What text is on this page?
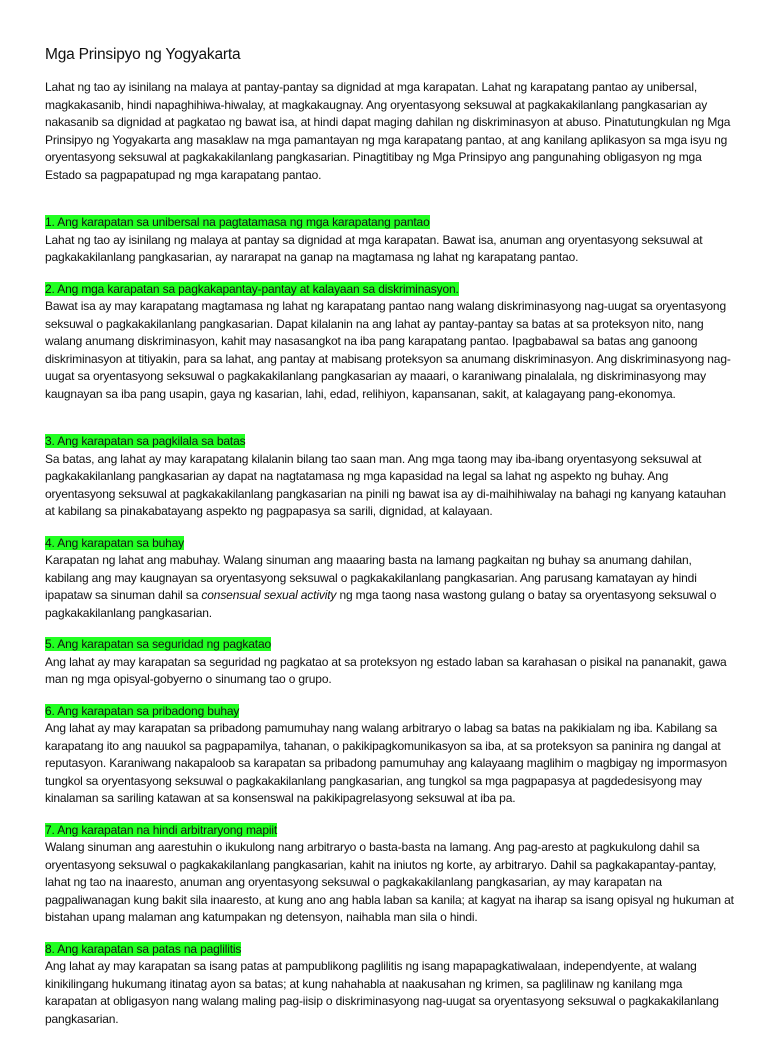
Mga Prinsipyo ng Yogyakarta

Lahat ng tao ay isinilang na malaya at pantay-pantay sa dignidad at mga karapatan. Lahat ng karapatang pantao ay unibersal, magkakasanib, hindi napaghihiwa-hiwalay, at magkakaugnay. Ang oryentasyong seksuwal at pagkakakilanlang pangkasarian ay nakasanib sa dignidad at pagkatao ng bawat isa, at hindi dapat maging dahilan ng diskriminasyon at abuso. Pinatutungkulan ng Mga Prinsipyo ng Yogyakarta ang masaklaw na mga pamantayan ng mga karapatang pantao, at ang kanilang aplikasyon sa mga isyu ng oryentasyong seksuwal at pagkakakilanlang pangkasarian. Pinagtitibay ng Mga Prinsipyo ang pangunahing obligasyon ng mga Estado sa pagpapatupad ng mga karapatang pantao.

1. Ang karapatan sa unibersal na pagtatamasa ng mga karapatang pantao

Lahat ng tao ay isinilang ng malaya at pantay sa dignidad at mga karapatan. Bawat isa, anuman ang oryentasyong seksuwal at pagkakakilanlang pangkasarian, ay nararapat na ganap na magtamasa ng lahat ng karapatang pantao.

2. Ang mga karapatan sa pagkakapantay-pantay at kalayaan sa diskriminasyon.

Bawat isa ay may karapatang magtamasa ng lahat ng karapatang pantao nang walang diskriminasyong nag-uugat sa oryentasyong seksuwal o pagkakakilanlang pangkasarian. Dapat kilalanin na ang lahat ay pantay-pantay sa batas at sa proteksyon nito, nang walang anumang diskriminasyon, kahit may nasasangkot na iba pang karapatang pantao. Ipagbabawal sa batas ang ganoong diskriminasyon at titiyakin, para sa lahat, ang pantay at mabisang proteksyon sa anumang diskriminasyon. Ang diskriminasyong nag-uugat sa oryentasyong seksuwal o pagkakakilanlang pangkasarian ay maaari, o karaniwang pinalalala, ng diskriminasyong may kaugnayan sa iba pang usapin, gaya ng kasarian, lahi, edad, relihiyon, kapansanan, sakit, at kalagayang pang-ekonomya.

3. Ang karapatan sa pagkilala sa batas

Sa batas, ang lahat ay may karapatang kilalanin bilang tao saan man. Ang mga taong may iba-ibang oryentasyong seksuwal at pagkakakilanlang pangkasarian ay dapat na nagtatamasa ng mga kapasidad na legal sa lahat ng aspekto ng buhay. Ang oryentasyong seksuwal at pagkakakilanlang pangkasarian na pinili ng bawat isa ay di-maihihiwalay na bahagi ng kanyang katauhan at kabilang sa pinakabatayang aspekto ng pagpapasya sa sarili, dignidad, at kalayaan.

4. Ang karapatan sa buhay

Karapatan ng lahat ang mabuhay. Walang sinuman ang maaaring basta na lamang pagkaitan ng buhay sa anumang dahilan, kabilang ang may kaugnayan sa oryentasyong seksuwal o pagkakakilanlang pangkasarian. Ang parusang kamatayan ay hindi ipapataw sa sinuman dahil sa consensual sexual activity ng mga taong nasa wastong gulang o batay sa oryentasyong seksuwal o pagkakakilanlang pangkasarian.

5. Ang karapatan sa seguridad ng pagkatao

Ang lahat ay may karapatan sa seguridad ng pagkatao at sa proteksyon ng estado laban sa karahasan o pisikal na pananakit, gawa man ng mga opisyal-gobyerno o sinumang tao o grupo.

6. Ang karapatan sa pribadong buhay

Ang lahat ay may karapatan sa pribadong pamumuhay nang walang arbitraryo o labag sa batas na pakikialam ng iba. Kabilang sa karapatang ito ang nauukol sa pagpapamilya, tahanan, o pakikipagkomunikasyon sa iba, at sa proteksyon sa paninira ng dangal at reputasyon. Karaniwang nakapaloob sa karapatan sa pribadong pamumuhay ang kalayaang maglihim o magbigay ng impormasyon tungkol sa oryentasyong seksuwal o pagkakakilanlang pangkasarian, ang tungkol sa mga pagpapasya at pagdedesisyong may kinalaman sa sariling katawan at sa konsenswal na pakikipagrelasyong seksuwal at iba pa.

7. Ang karapatan na hindi arbitraryong mapiit

Walang sinuman ang aarestuhin o ikukulong nang arbitraryo o basta-basta na lamang. Ang pag-aresto at pagkukulong dahil sa oryentasyong seksuwal o pagkakakilanlang pangkasarian, kahit na iniutos ng korte, ay arbitraryo. Dahil sa pagkakapantay-pantay, lahat ng tao na inaaresto, anuman ang oryentasyong seksuwal o pagkakakilanlang pangkasarian, ay may karapatan na pagpaliwanagan kung bakit sila inaaresto, at kung ano ang habla laban sa kanila; at kagyat na iharap sa isang opisyal ng hukuman at bistahan upang malaman ang katumpakan ng detensyon, naihabla man sila o hindi.

8. Ang karapatan sa patas na paglilitis

Ang lahat ay may karapatan sa isang patas at pampublikong paglilitis ng isang mapapagkatiwalaan, independyente, at walang kinikilingang hukumang itinatag ayon sa batas; at kung nahahabla at naakusahan ng krimen, sa paglilinaw ng kanilang mga karapatan at obligasyon nang walang maling pag-iisip o diskriminasyong nag-uugat sa oryentasyong seksuwal o pagkakakilanlang pangkasarian.
